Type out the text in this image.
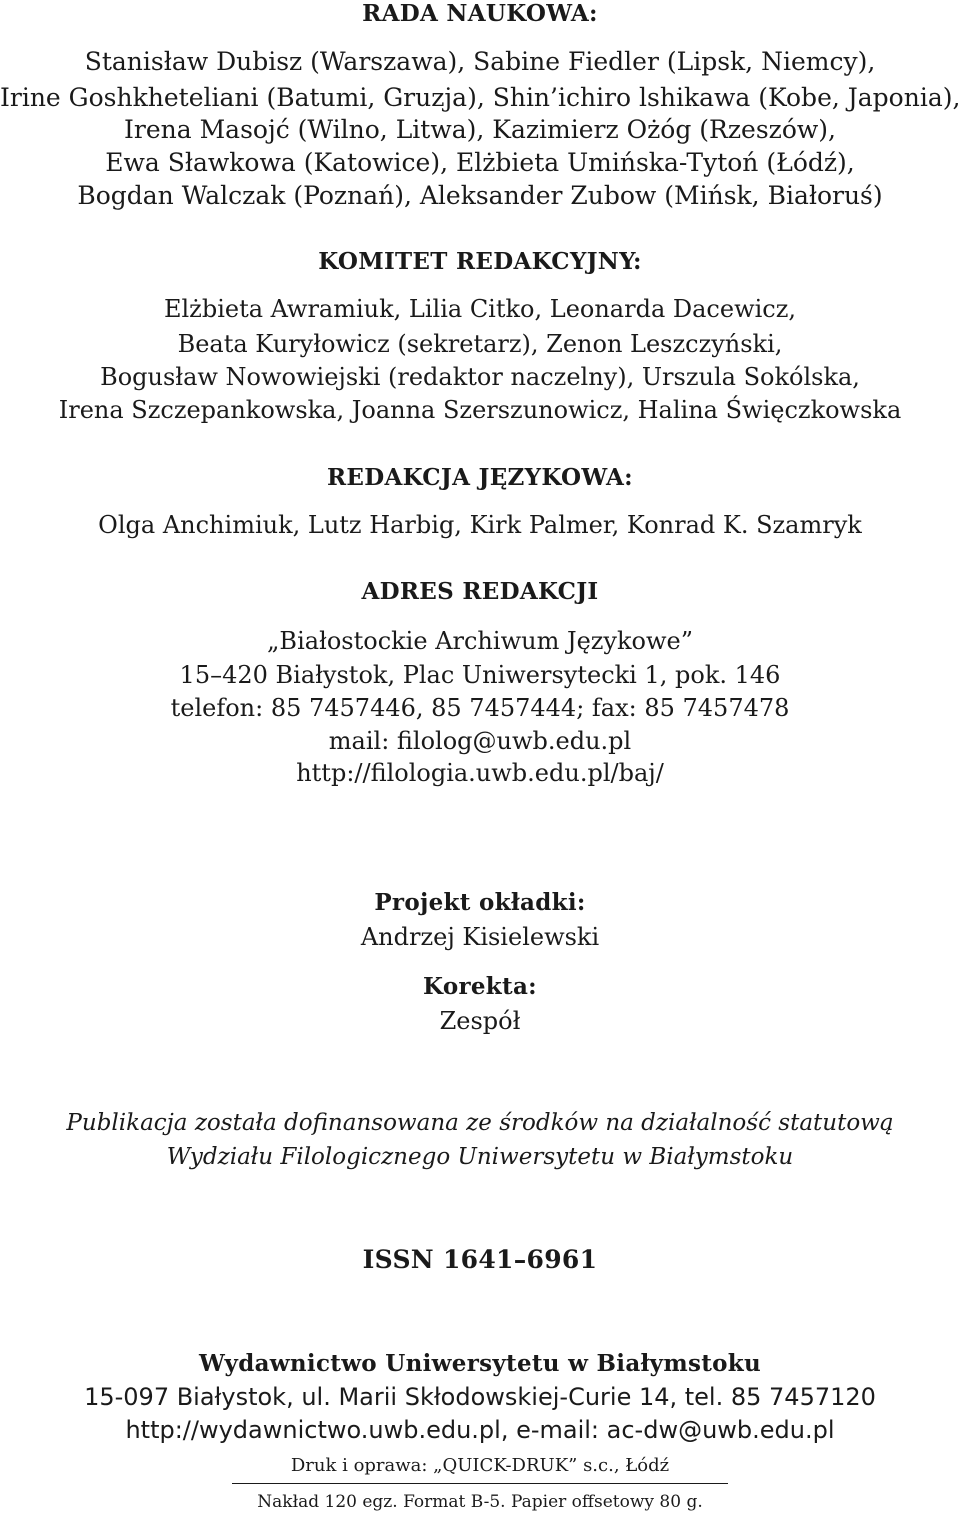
RADA NAUKOWA:
Stanisław Dubisz (Warszawa), Sabine Fiedler (Lipsk, Niemcy),
Irine Goshkheteliani (Batumi, Gruzja), Shin’ichiro lshikawa (Kobe, Japonia),
Irena Masojć (Wilno, Litwa), Kazimierz Ożóg (Rzeszów),
Ewa Sławkowa (Katowice), Elżbieta Umińska-Tytoń (Łódź),
Bogdan Walczak (Poznań), Aleksander Zubow (Mińsk, Białoruś)
KOMITET REDAKCYJNY:
Elżbieta Awramiuk, Lilia Citko, Leonarda Dacewicz,
Beata Kuryłowicz (sekretarz), Zenon Leszczyński,
Bogusław Nowowiejski (redaktor naczelny), Urszula Sokólska,
Irena Szczepankowska, Joanna Szerszunowicz, Halina Święczkowska
REDAKCJA JĘZYKOWA:
Olga Anchimiuk, Lutz Harbig, Kirk Palmer, Konrad K. Szamryk
ADRES REDAKCJI
„Białostockie Archiwum Językowe”
15–420 Białystok, Plac Uniwersytecki 1, pok. 146
telefon: 85 7457446, 85 7457444; fax: 85 7457478
mail: filolog@uwb.edu.pl
http://filologia.uwb.edu.pl/baj/
Projekt okładki:
Andrzej Kisielewski
Korekta:
Zespół
Publikacja została dofinansowana ze środków na działalność statutową
Wydziału Filologicznego Uniwersytetu w Białymstoku
ISSN 1641–6961
Wydawnictwo Uniwersytetu w Białymstoku
15-097 Białystok, ul. Marii Skłodowskiej-Curie 14, tel. 85 7457120
http://wydawnictwo.uwb.edu.pl, e-mail: ac-dw@uwb.edu.pl
Druk i oprawa: „QUICK-DRUK” s.c., Łódź
Nakład 120 egz. Format B-5. Papier offsetowy 80 g.
